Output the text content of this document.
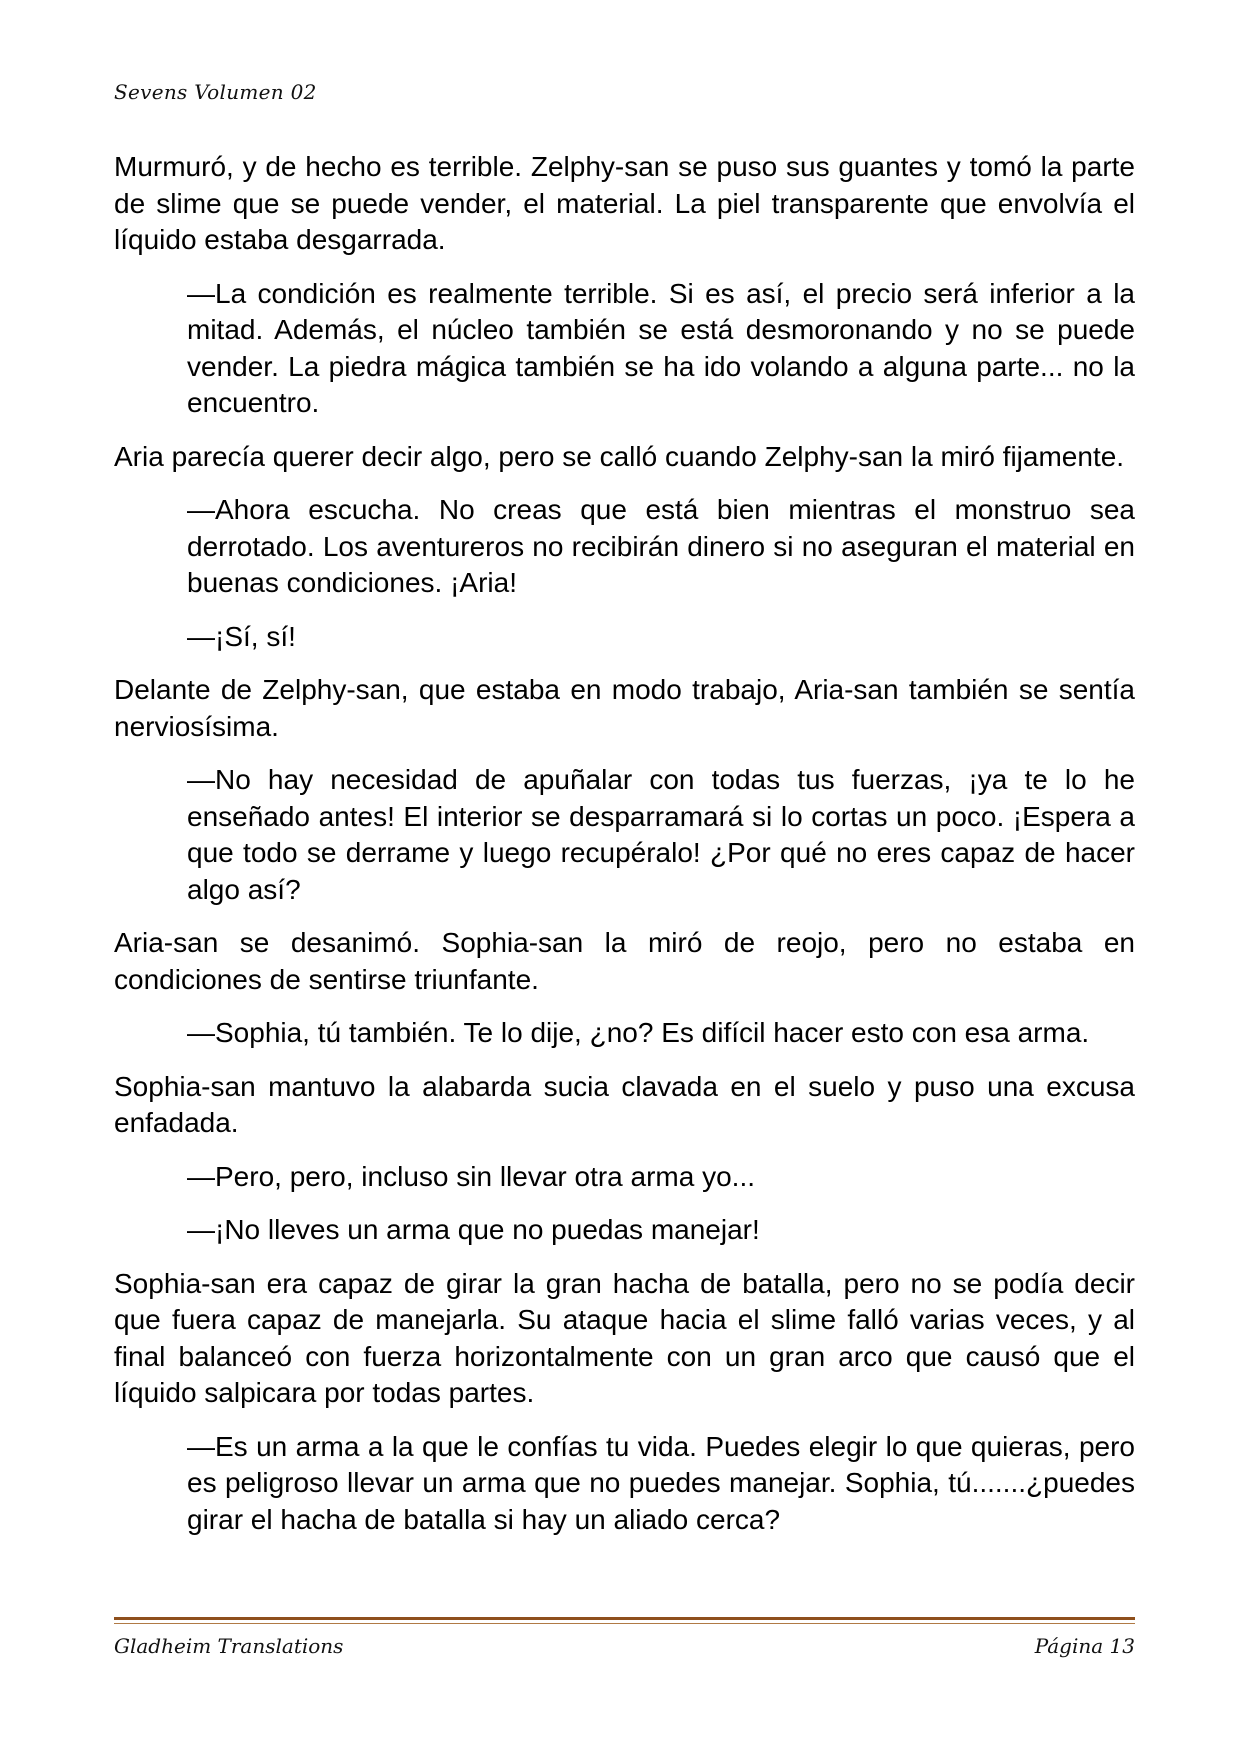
Sevens Volumen 02

Murmuró, y de hecho es terrible. Zelphy-san se puso sus guantes y tomó la parte de slime que se puede vender, el material. La piel transparente que envolvía el líquido estaba desgarrada.

—La condición es realmente terrible. Si es así, el precio será inferior a la mitad. Además, el núcleo también se está desmoronando y no se puede vender. La piedra mágica también se ha ido volando a alguna parte... no la encuentro.

Aria parecía querer decir algo, pero se calló cuando Zelphy-san la miró fijamente.

—Ahora escucha. No creas que está bien mientras el monstruo sea derrotado. Los aventureros no recibirán dinero si no aseguran el material en buenas condiciones. ¡Aria!

—¡Sí, sí!

Delante de Zelphy-san, que estaba en modo trabajo, Aria-san también se sentía nerviosísima.

—No hay necesidad de apuñalar con todas tus fuerzas, ¡ya te lo he enseñado antes! El interior se desparramará si lo cortas un poco. ¡Espera a que todo se derrame y luego recupéralo! ¿Por qué no eres capaz de hacer algo así?

Aria-san se desanimó. Sophia-san la miró de reojo, pero no estaba en condiciones de sentirse triunfante.

—Sophia, tú también. Te lo dije, ¿no? Es difícil hacer esto con esa arma.

Sophia-san mantuvo la alabarda sucia clavada en el suelo y puso una excusa enfadada.

—Pero, pero, incluso sin llevar otra arma yo...

—¡No lleves un arma que no puedas manejar!

Sophia-san era capaz de girar la gran hacha de batalla, pero no se podía decir que fuera capaz de manejarla. Su ataque hacia el slime falló varias veces, y al final balanceó con fuerza horizontalmente con un gran arco que causó que el líquido salpicara por todas partes.

—Es un arma a la que le confías tu vida. Puedes elegir lo que quieras, pero es peligroso llevar un arma que no puedes manejar. Sophia, tú.......¿puedes girar el hacha de batalla si hay un aliado cerca?

Gladheim Translations	Página 13
